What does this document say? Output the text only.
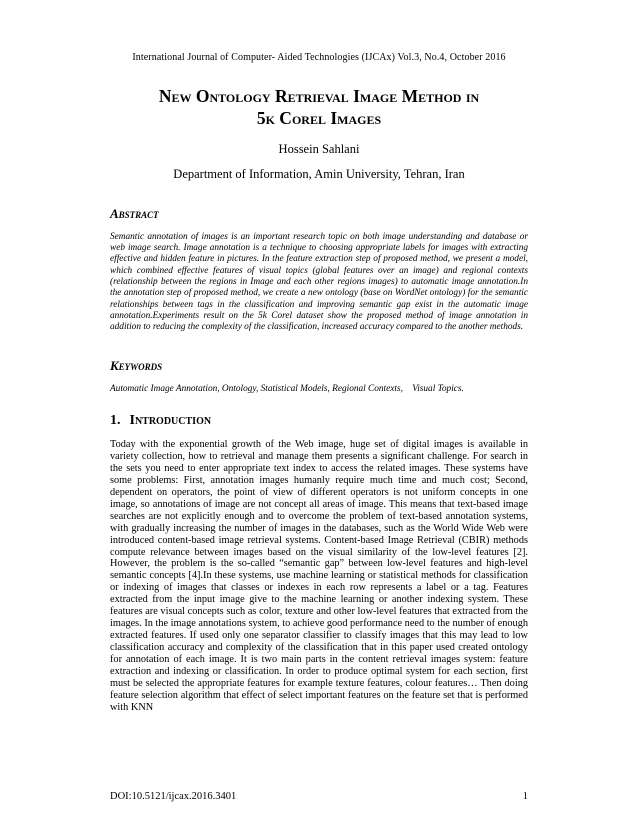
International Journal of Computer- Aided Technologies (IJCAx) Vol.3, No.4, October 2016
New Ontology Retrieval Image Method in
5k Corel Images
Hossein Sahlani
Department of Information, Amin University, Tehran, Iran
Abstract

Semantic annotation of images is an important research topic on both image understanding and database or web image search. Image annotation is a technique to choosing appropriate labels for images with extracting effective and hidden feature in pictures. In the feature extraction step of proposed method, we present a model, which combined effective features of visual topics (global features over an image) and regional contexts (relationship between the regions in Image and each other regions images) to automatic image annotation.In the annotation step of proposed method, we create a new ontology (base on WordNet ontology) for the semantic relationships between tags in the classification and improving semantic gap exist in the automatic image annotation.Experiments result on the 5k Corel dataset show the proposed method of image annotation in addition to reducing the complexity of the classification, increased accuracy compared to the another methods.

Keywords

Automatic Image Annotation, Ontology, Statistical Models, Regional Contexts,    Visual Topics.

1. Introduction

Today with the exponential growth of the Web image, huge set of digital images is available in variety collection, how to retrieval and manage them presents a significant challenge. For search in the sets you need to enter appropriate text index to access the related images. These systems have some problems: First, annotation images humanly require much time and much cost; Second, dependent on operators, the point of view of different operators is not uniform concepts in one image, so annotations of image are not concept all areas of image. This means that text-based image searches are not explicitly enough and to overcome the problem of text-based annotation systems, with gradually increasing the number of images in the databases, such as the World Wide Web were introduced content-based image retrieval systems. Content-based Image Retrieval (CBIR) methods compute relevance between images based on the visual similarity of the low-level features [2]. However, the problem is the so-called “semantic gap” between low-level features and high-level semantic concepts [4].In these systems, use machine learning or statistical methods for classification or indexing of images that classes or indexes in each row represents a label or a tag. Features extracted from the input image give to the machine learning or another indexing system. These features are visual concepts such as color, texture and other low-level features that extracted from the images. In the image annotations system, to achieve good performance need to the number of enough extracted features. If used only one separator classifier to classify images that this may lead to low classification accuracy and complexity of the classification that in this paper used created ontology for annotation of each image. It is two main parts in the content retrieval images system: feature extraction and indexing or classification. In order to produce optimal system for each section, first must be selected the appropriate features for example texture features, colour features… Then doing feature selection algorithm that effect of select important features on the feature set that is performed with KNN

DOI:10.5121/ijcax.2016.3401	1
